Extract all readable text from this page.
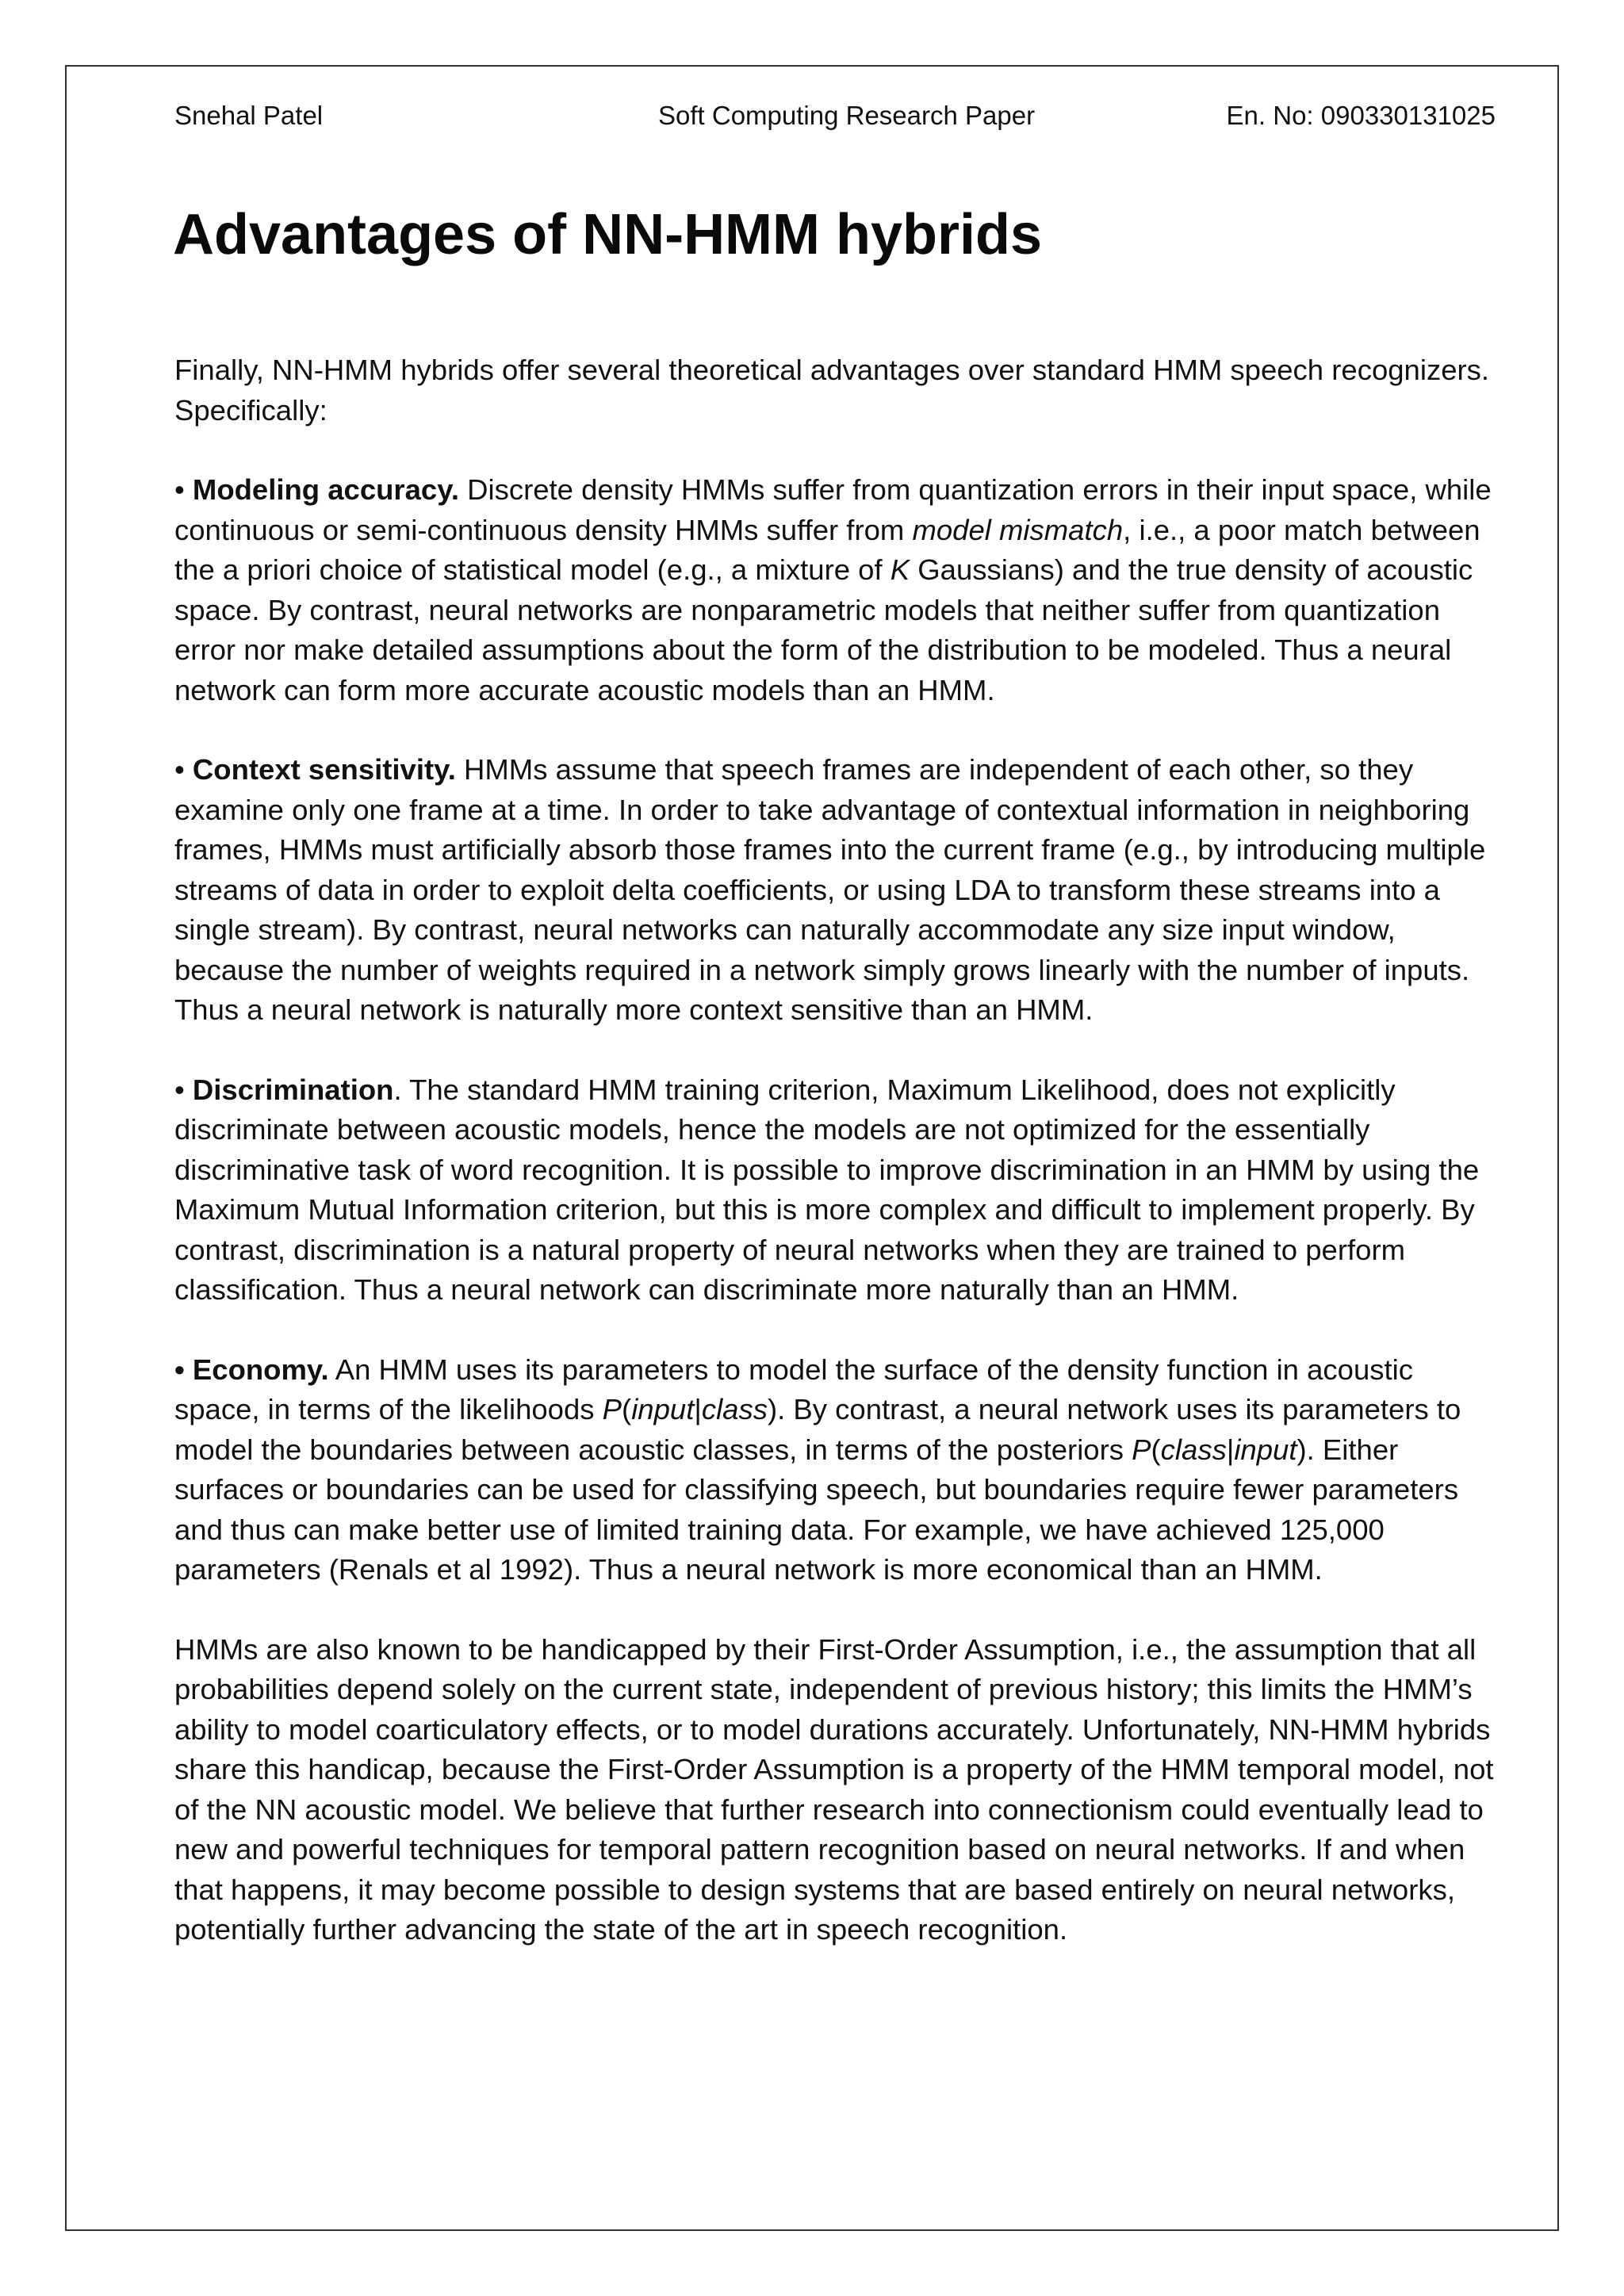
Snehal Patel	Soft Computing Research Paper	En. No: 090330131025
Advantages of NN-HMM hybrids

Finally, NN-HMM hybrids offer several theoretical advantages over standard HMM speech recognizers. Specifically:

• Modeling accuracy. Discrete density HMMs suffer from quantization errors in their input space, while continuous or semi-continuous density HMMs suffer from model mismatch, i.e., a poor match between the a priori choice of statistical model (e.g., a mixture of K Gaussians) and the true density of acoustic space. By contrast, neural networks are nonparametric models that neither suffer from quantization error nor make detailed assumptions about the form of the distribution to be modeled. Thus a neural network can form more accurate acoustic models than an HMM.

• Context sensitivity. HMMs assume that speech frames are independent of each other, so they examine only one frame at a time. In order to take advantage of contextual information in neighboring frames, HMMs must artificially absorb those frames into the current frame (e.g., by introducing multiple streams of data in order to exploit delta coefficients, or using LDA to transform these streams into a single stream). By contrast, neural networks can naturally accommodate any size input window, because the number of weights required in a network simply grows linearly with the number of inputs. Thus a neural network is naturally more context sensitive than an HMM.

• Discrimination. The standard HMM training criterion, Maximum Likelihood, does not explicitly discriminate between acoustic models, hence the models are not optimized for the essentially discriminative task of word recognition. It is possible to improve discrimination in an HMM by using the Maximum Mutual Information criterion, but this is more complex and difficult to implement properly. By contrast, discrimination is a natural property of neural networks when they are trained to perform classification. Thus a neural network can discriminate more naturally than an HMM.

• Economy. An HMM uses its parameters to model the surface of the density function in acoustic space, in terms of the likelihoods P(input|class). By contrast, a neural network uses its parameters to model the boundaries between acoustic classes, in terms of the posteriors P(class|input). Either surfaces or boundaries can be used for classifying speech, but boundaries require fewer parameters and thus can make better use of limited training data. For example, we have achieved 125,000 parameters (Renals et al 1992). Thus a neural network is more economical than an HMM.

HMMs are also known to be handicapped by their First-Order Assumption, i.e., the assumption that all probabilities depend solely on the current state, independent of previous history; this limits the HMM’s ability to model coarticulatory effects, or to model durations accurately. Unfortunately, NN-HMM hybrids share this handicap, because the First-Order Assumption is a property of the HMM temporal model, not of the NN acoustic model. We believe that further research into connectionism could eventually lead to new and powerful techniques for temporal pattern recognition based on neural networks. If and when that happens, it may become possible to design systems that are based entirely on neural networks, potentially further advancing the state of the art in speech recognition.
